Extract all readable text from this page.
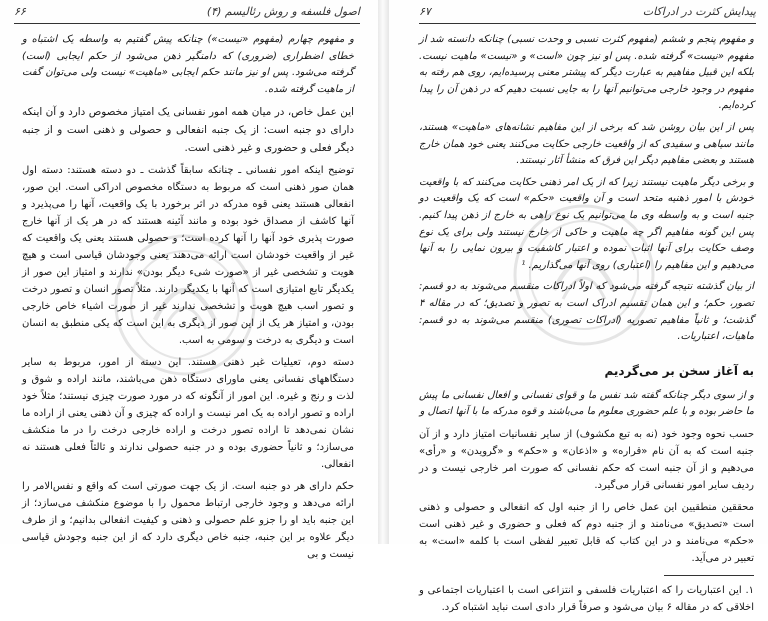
اصول فلسفه و روش رئالیسم (۴)
۶۶

و مفهوم چهارم (مفهوم «نیست») چنانکه پیش گفتیم به واسطه یک اشتباه و خطای اضطراری (ضروری) که دامنگیر ذهن می‌شود از حکم ایجابی (است) گرفته می‌شود. پس او نیز مانند حکم ایجابی «ماهیت» نیست ولی می‌توان گفت از ماهیت گرفته شده.

این عمل خاص، در میان همه امور نفسانی یک امتیاز مخصوص دارد و آن اینکه دارای دو جنبه است: از یک جنبه انفعالی و حصولی و ذهنی است و از جنبه دیگر فعلی و حضوری و غیر ذهنی است.

توضیح اینکه امور نفسانی ـ چنانکه سابقاً گذشت ـ دو دسته هستند: دسته اول همان صور ذهنی است که مربوط به دستگاه مخصوص ادراکی است. این صور، انفعالی هستند یعنی قوه مدرکه در اثر برخورد با یک واقعیت، آنها را می‌پذیرد و آنها کاشف از مصداق خود بوده و مانند آئینه هستند که در هر یک از آنها خارج صورت پذیری خود آنها را آنها کرده است؛ و حصولی هستند یعنی یک واقعیت که غیر از واقعیت خودشان است ارائه می‌دهند یعنی وجودشان قیاسی است و هیچ هویت و تشخصی غیر از «صورت شیء دیگر بودن» ندارند و امتیاز این صور از یکدیگر تابع امتیازی است که آنها با یکدیگر دارند. مثلاً تصور انسان و تصور درخت و تصور اسب هیچ هویت و تشخصی ندارند غیر از صورت اشیاء خاص خارجی بودن، و امتیاز هر یک از این صور از دیگری به این است که یکی منطبق به انسان است و دیگری به درخت و سومی به اسب.

دسته دوم، تعیلیات غیر ذهنی هستند. این دسته از امور، مربوط به سایر دستگاههای نفسانی یعنی ماورای دستگاه ذهن می‌باشند، مانند اراده و شوق و لذت و رنج و غیره. این امور از آنگونه که در مورد صورت چیزی نیستند؛ مثلاً خود اراده و تصور اراده به یک امر نیست و اراده که چیزی و آن ذهنی یعنی از اراده ما نشان نمی‌دهد تا اراده تصور درخت و اراده خارجی درخت را در ما منکشف می‌سازد؛ و ثانیاً حضوری بوده و در جنبه حصولی ندارند و ثالثاً فعلی هستند نه انفعالی.

حکم دارای هر دو جنبه است. از یک جهت صورتی است که واقع و نفس‌الامر را ارائه می‌دهد و وجود خارجی ارتباط محمول را با موضوع منکشف می‌سازد؛ از این جنبه باید او را جزو علم حصولی و ذهنی و کیفیت انفعالی بدانیم؛ و از طرف دیگر علاوه بر این جنبه، جنبه خاص دیگری دارد که از این جنبه وجودش قیاسی نیست و بی

پیدایش کثرت در ادراکات
۶۷

و مفهوم پنجم و ششم (مفهوم کثرت نسبی و وحدت نسبی) چنانکه دانسته شد از مفهوم «نیست» گرفته شده. پس او نیز چون «است» و «نیست» ماهیت نیست. بلکه این قبیل مفاهیم به عبارت دیگر که پیشتر معنی پرسیده‌ایم، روی هم رفته به مفهوم در وجود خارجی می‌توانیم آنها را به جایی نسبت دهیم که در ذهن آن را پیدا کرده‌ایم.

پس از این بیان روشن شد که برخی از این مفاهیم نشانه‌های «ماهیت» هستند، مانند سیاهی و سفیدی که از واقعیت خارجی حکایت می‌کنند یعنی خود همان خارج هستند و بعضی مفاهیم دیگر این فرق که منشأ آثار نیستند.

و برخی دیگر ماهیت نیستند زیرا که از یک امر ذهنی حکایت می‌کنند که با واقعیت خودش با امور ذهنیه متحد است و آن واقعیت «حکم» است که یک واقعیت دو جنبه است و به واسطه وی ما می‌توانیم یک نوع راهی به خارج از ذهن پیدا کنیم. پس این گونه مفاهیم اگر چه ماهیت و حاکی از خارج نیستند ولی برای یک نوع وصف حکایت برای آنها اثبات نموده و اعتبار کاشفیت و بیرون نمایی را به آنها می‌دهیم و این مفاهیم را (اعتباری) روی آنها می‌گذاریم. ¹

از بیان گذشته نتیجه گرفته می‌شود که اولاً ادراکات منقسم می‌شوند به دو قسم: تصور، حکم؛ و این همان تقسیم ادراک است به تصور و تصدیق؛ که در مقاله ۴ گذشت؛ و ثانیاً مفاهیم تصوریه (ادراکات تصوری) منقسم می‌شوند به دو قسم: ماهیات، اعتباریات.

به آغاز سخن بر می‌گردیم

و از سوی دیگر چنانکه گفته شد نفس ما و قوای نفسانی و افعال نفسانی ما پیش ما حاضر بوده و با علم حضوری معلوم ما می‌باشند و قوه مدرکه ما با آنها اتصال و

حسب نحوه وجود خود (نه به تبع مکشوف) از سایر نفسانیات امتیاز دارد و از آن جنبه است که به آن نام «قراره» و «اذعان» و «حکم» و «گرویدن» و «رأی» می‌دهیم و از آن جنبه است که حکم نفسانی که صورت امر خارجی نیست و در ردیف سایر امور نفسانی قرار می‌گیرد.

محققین منطقیین این عمل خاص را از جنبه اول که انفعالی و حصولی و ذهنی است «تصدیق» می‌نامند و از جنبه دوم که فعلی و حضوری و غیر ذهنی است «حکم» می‌نامند و در این کتاب که قابل تعبیر لفظی است با کلمه «است» به تعبیر در می‌آید.

۱. این اعتباریات را که اعتباریات فلسفی و انتزاعی است با اعتباریات اجتماعی و اخلاقی که در مقاله ۶ بیان می‌شود و صرفاً قرار دادی است نباید اشتباه کرد.
